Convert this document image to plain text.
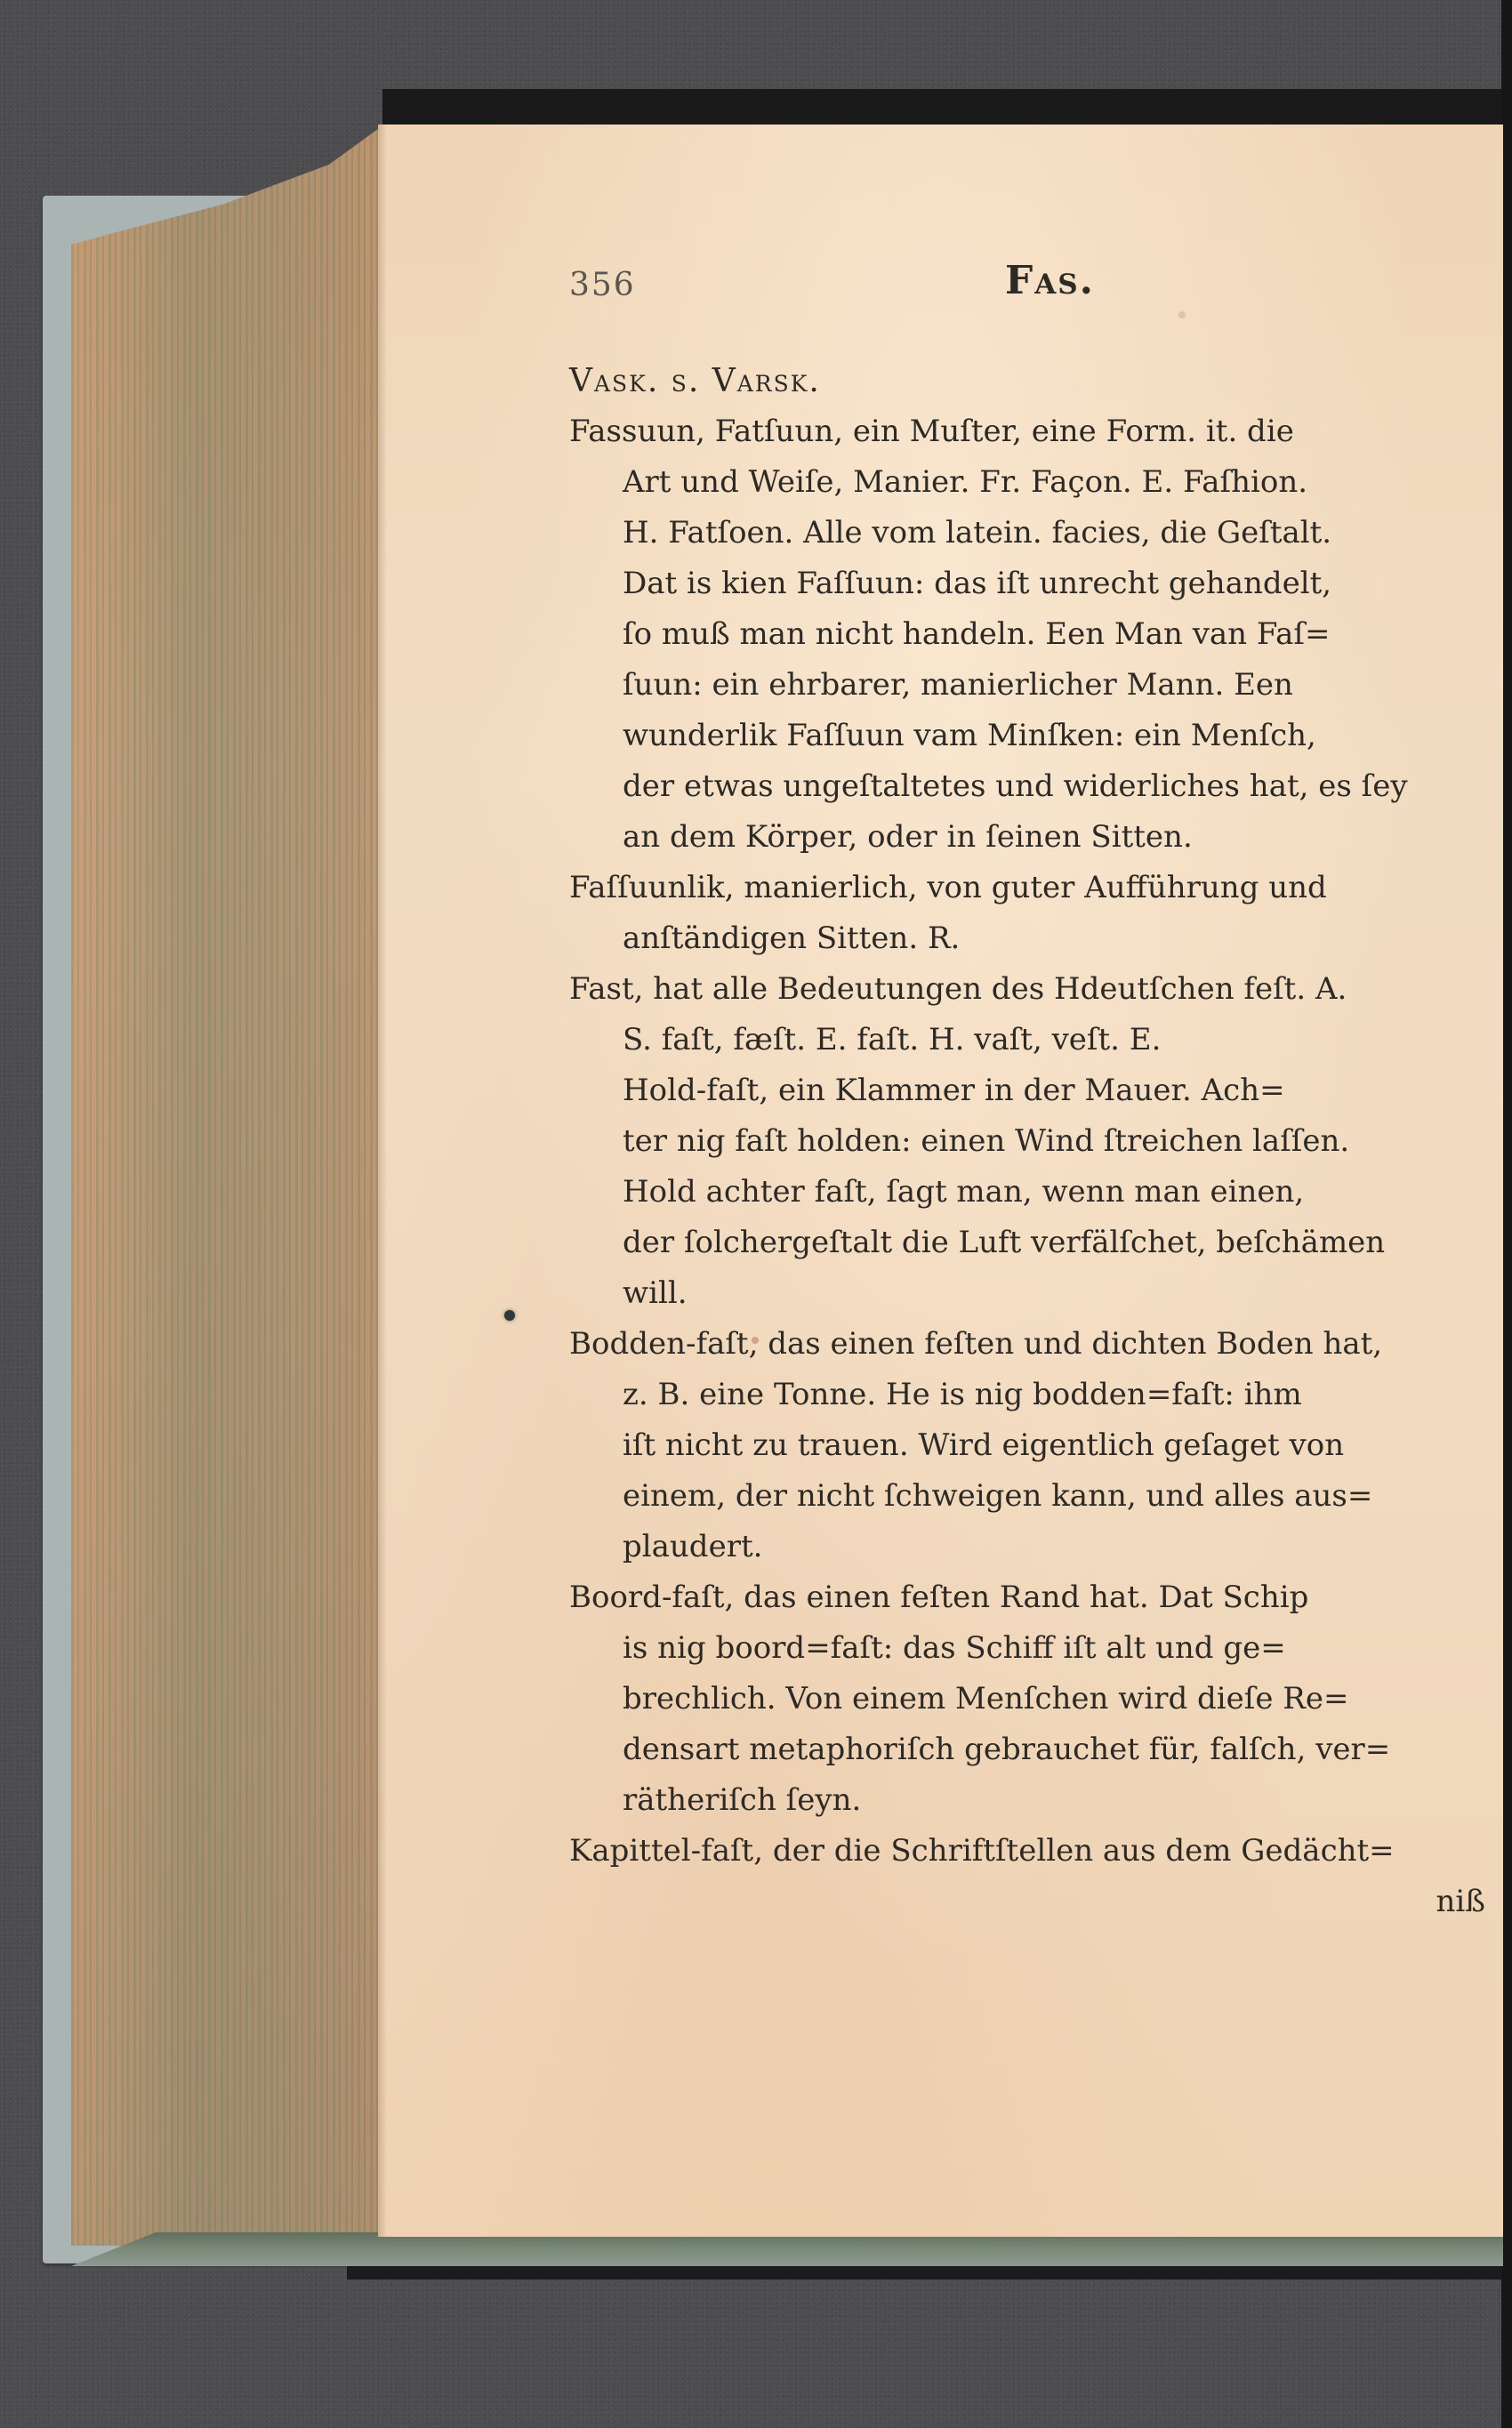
356	Fas.
Vask. s. Varsk.
Fassuun, Fatſuun, ein Muſter, eine Form. it. die
Art und Weiſe, Manier. Fr. Façon. E. Faſhion.
H. Fatſoen. Alle vom latein. facies, die Geſtalt.
Dat is kien Faſſuun: das iſt unrecht gehandelt,
ſo muß man nicht handeln. Een Man van Faſ=
ſuun: ein ehrbarer, manierlicher Mann. Een
wunderlik Faſſuun vam Minſken: ein Menſch,
der etwas ungeſtaltetes und widerliches hat, es ſey
an dem Körper, oder in ſeinen Sitten.
Faſſuunlik, manierlich, von guter Aufführung und
anſtändigen Sitten. R.
Fast, hat alle Bedeutungen des Hdeutſchen feſt. A.
S. faſt, fæſt. E. faſt. H. vaſt, veſt. E.
Hold-faſt, ein Klammer in der Mauer. Ach=
ter nig faſt holden: einen Wind ſtreichen laſſen.
Hold achter faſt, ſagt man, wenn man einen,
der ſolchergeſtalt die Luft verfälſchet, beſchämen
will.
Bodden-faſt, das einen feſten und dichten Boden hat,
z. B. eine Tonne. He is nig bodden=faſt: ihm
iſt nicht zu trauen. Wird eigentlich geſaget von
einem, der nicht ſchweigen kann, und alles aus=
plaudert.
Boord-faſt, das einen feſten Rand hat. Dat Schip
is nig boord=faſt: das Schiff iſt alt und ge=
brechlich. Von einem Menſchen wird dieſe Re=
densart metaphoriſch gebrauchet für, falſch, ver=
rätheriſch ſeyn.
Kapittel-faſt, der die Schriftſtellen aus dem Gedächt=
niß
